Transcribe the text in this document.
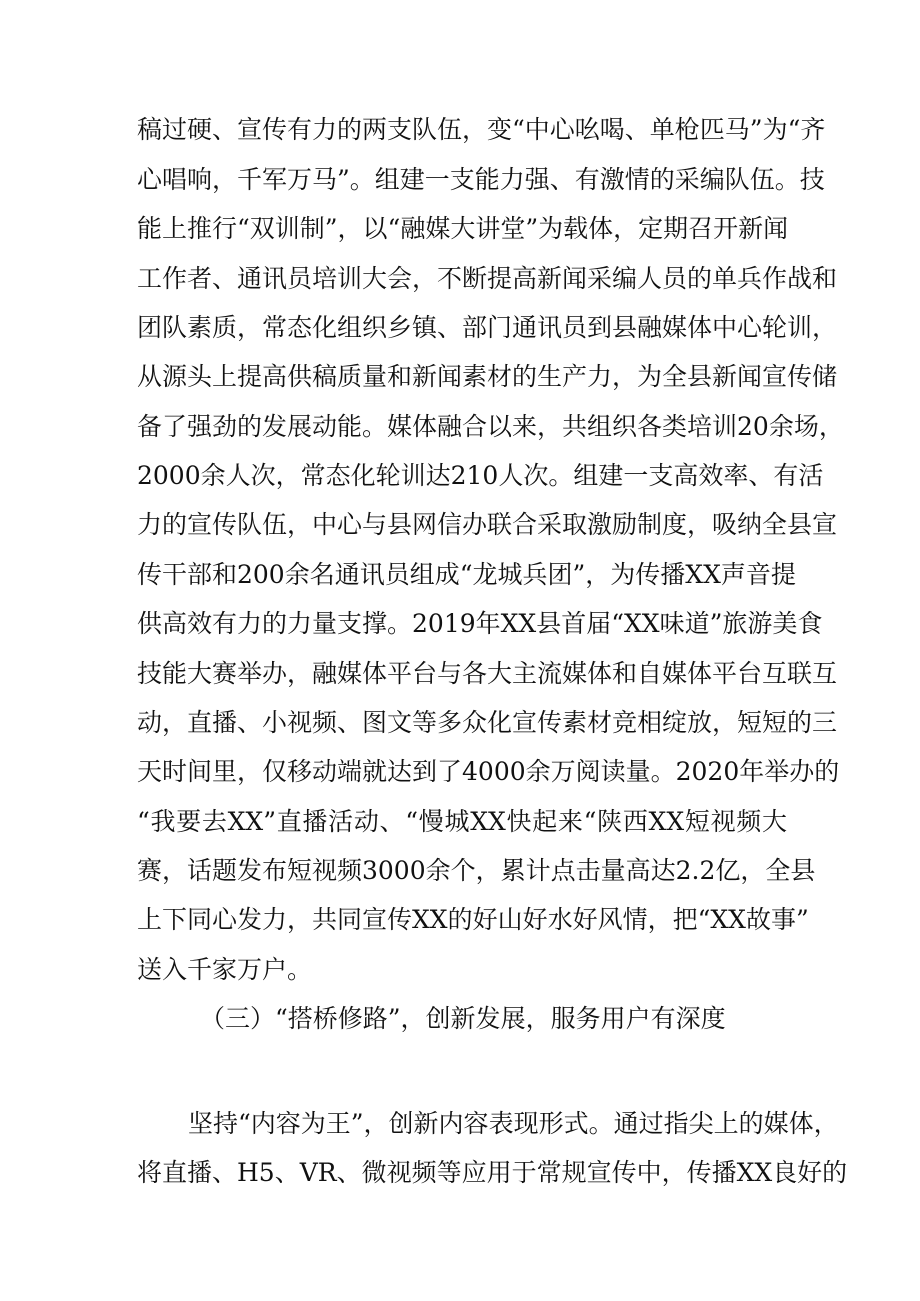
稿过硬、宣传有力的两支队伍，变“中心吆喝、单枪匹马”为“齐
心唱响，千军万马”。组建一支能力强、有激情的采编队伍。技
能上推行“双训制”，以“融媒大讲堂”为载体，定期召开新闻
工作者、通讯员培训大会，不断提高新闻采编人员的单兵作战和
团队素质，常态化组织乡镇、部门通讯员到县融媒体中心轮训，
从源头上提高供稿质量和新闻素材的生产力，为全县新闻宣传储
备了强劲的发展动能。媒体融合以来，共组织各类培训20余场，
2000余人次，常态化轮训达210人次。组建一支高效率、有活
力的宣传队伍，中心与县网信办联合采取激励制度，吸纳全县宣
传干部和200余名通讯员组成“龙城兵团”，为传播XX声音提
供高效有力的力量支撑。2019年XX县首届“XX味道”旅游美食
技能大赛举办，融媒体平台与各大主流媒体和自媒体平台互联互
动，直播、小视频、图文等多众化宣传素材竞相绽放，短短的三
天时间里，仅移动端就达到了4000余万阅读量。2020年举办的
“我要去XX”直播活动、“慢城XX快起来“陕西XX短视频大
赛，话题发布短视频3000余个，累计点击量高达2.2亿，全县
上下同心发力，共同宣传XX的好山好水好风情，把“XX故事”
送入千家万户。
（三）“搭桥修路”，创新发展，服务用户有深度
坚持“内容为王”，创新内容表现形式。通过指尖上的媒体，
将直播、H5、VR、微视频等应用于常规宣传中，传播XX良好的
